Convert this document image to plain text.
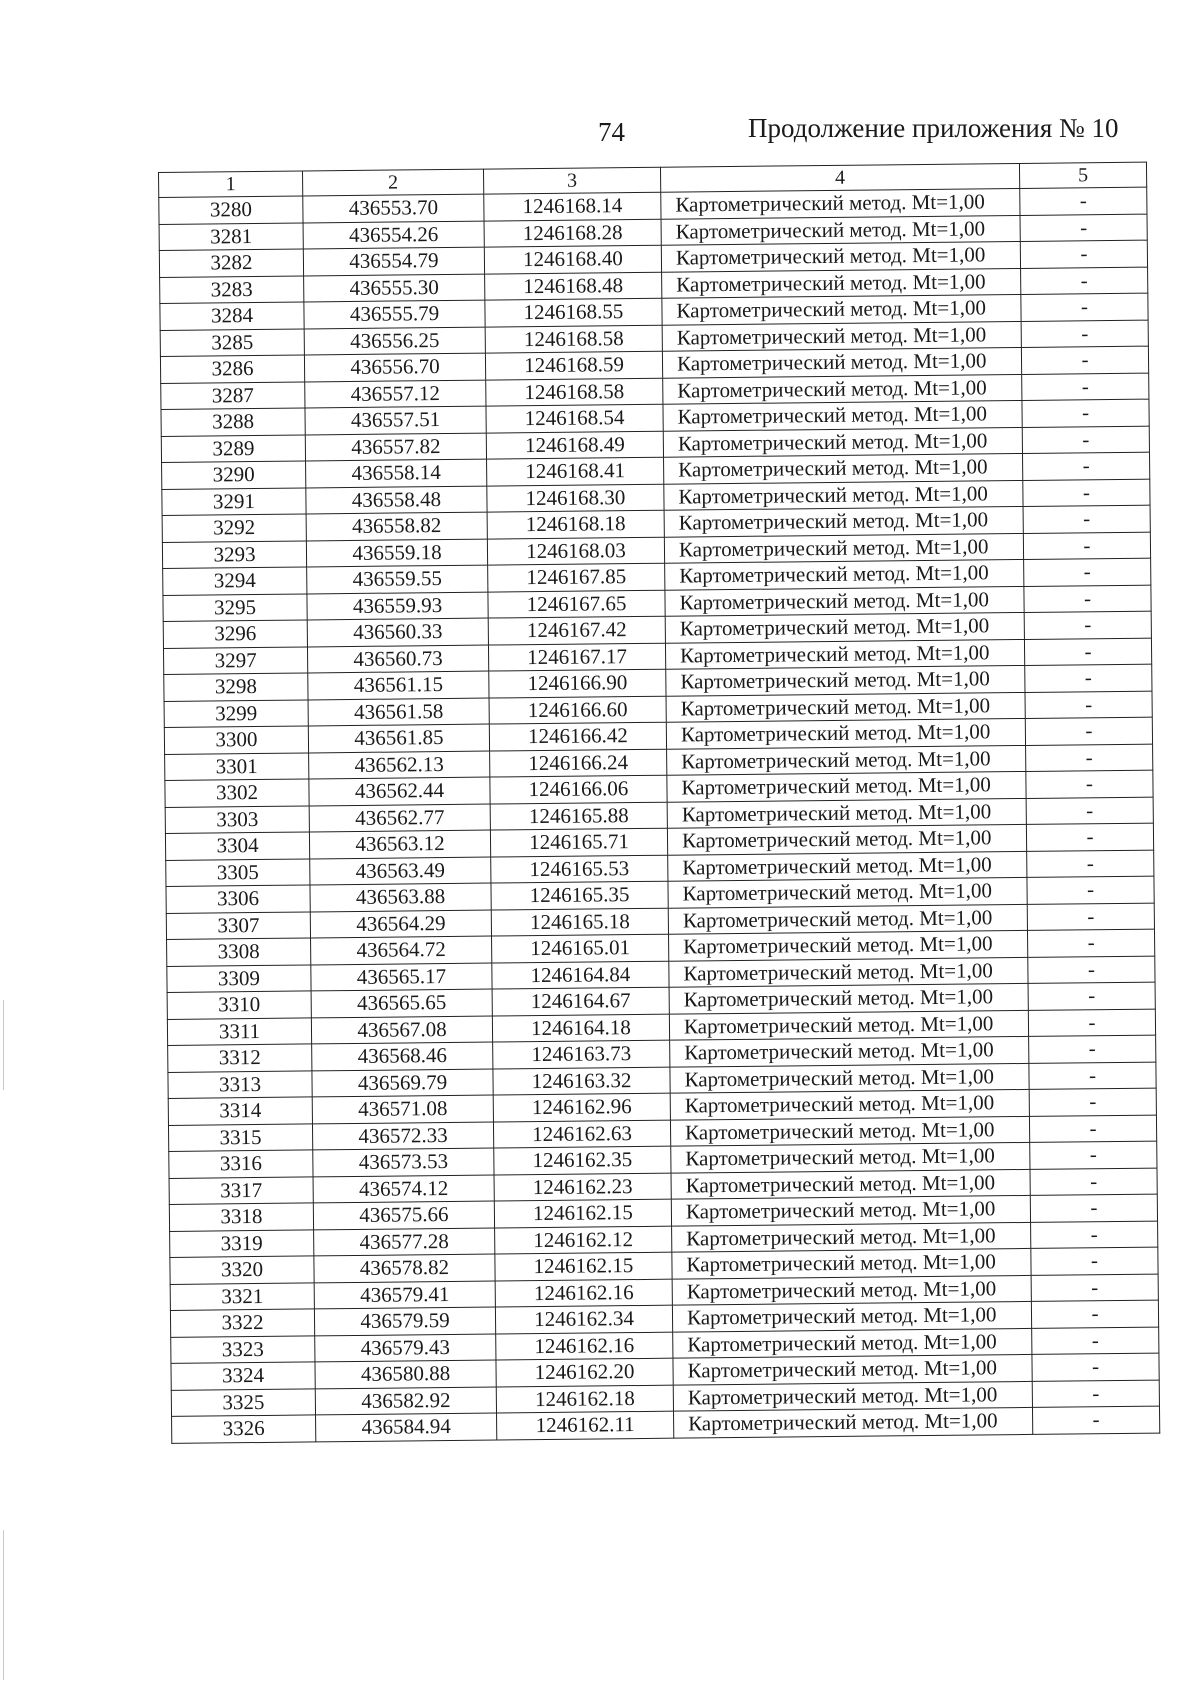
74	Продолжение приложения № 10
1	2	3	4	5
3280	436553.70	1246168.14	Картометрический метод. Mt=1,00	-
3281	436554.26	1246168.28	Картометрический метод. Mt=1,00	-
3282	436554.79	1246168.40	Картометрический метод. Mt=1,00	-
3283	436555.30	1246168.48	Картометрический метод. Mt=1,00	-
3284	436555.79	1246168.55	Картометрический метод. Mt=1,00	-
3285	436556.25	1246168.58	Картометрический метод. Mt=1,00	-
3286	436556.70	1246168.59	Картометрический метод. Mt=1,00	-
3287	436557.12	1246168.58	Картометрический метод. Mt=1,00	-
3288	436557.51	1246168.54	Картометрический метод. Mt=1,00	-
3289	436557.82	1246168.49	Картометрический метод. Mt=1,00	-
3290	436558.14	1246168.41	Картометрический метод. Mt=1,00	-
3291	436558.48	1246168.30	Картометрический метод. Mt=1,00	-
3292	436558.82	1246168.18	Картометрический метод. Mt=1,00	-
3293	436559.18	1246168.03	Картометрический метод. Mt=1,00	-
3294	436559.55	1246167.85	Картометрический метод. Mt=1,00	-
3295	436559.93	1246167.65	Картометрический метод. Mt=1,00	-
3296	436560.33	1246167.42	Картометрический метод. Mt=1,00	-
3297	436560.73	1246167.17	Картометрический метод. Mt=1,00	-
3298	436561.15	1246166.90	Картометрический метод. Mt=1,00	-
3299	436561.58	1246166.60	Картометрический метод. Mt=1,00	-
3300	436561.85	1246166.42	Картометрический метод. Mt=1,00	-
3301	436562.13	1246166.24	Картометрический метод. Mt=1,00	-
3302	436562.44	1246166.06	Картометрический метод. Mt=1,00	-
3303	436562.77	1246165.88	Картометрический метод. Mt=1,00	-
3304	436563.12	1246165.71	Картометрический метод. Mt=1,00	-
3305	436563.49	1246165.53	Картометрический метод. Mt=1,00	-
3306	436563.88	1246165.35	Картометрический метод. Mt=1,00	-
3307	436564.29	1246165.18	Картометрический метод. Mt=1,00	-
3308	436564.72	1246165.01	Картометрический метод. Mt=1,00	-
3309	436565.17	1246164.84	Картометрический метод. Mt=1,00	-
3310	436565.65	1246164.67	Картометрический метод. Mt=1,00	-
3311	436567.08	1246164.18	Картометрический метод. Mt=1,00	-
3312	436568.46	1246163.73	Картометрический метод. Mt=1,00	-
3313	436569.79	1246163.32	Картометрический метод. Mt=1,00	-
3314	436571.08	1246162.96	Картометрический метод. Mt=1,00	-
3315	436572.33	1246162.63	Картометрический метод. Mt=1,00	-
3316	436573.53	1246162.35	Картометрический метод. Mt=1,00	-
3317	436574.12	1246162.23	Картометрический метод. Mt=1,00	-
3318	436575.66	1246162.15	Картометрический метод. Mt=1,00	-
3319	436577.28	1246162.12	Картометрический метод. Mt=1,00	-
3320	436578.82	1246162.15	Картометрический метод. Mt=1,00	-
3321	436579.41	1246162.16	Картометрический метод. Mt=1,00	-
3322	436579.59	1246162.34	Картометрический метод. Mt=1,00	-
3323	436579.43	1246162.16	Картометрический метод. Mt=1,00	-
3324	436580.88	1246162.20	Картометрический метод. Mt=1,00	-
3325	436582.92	1246162.18	Картометрический метод. Mt=1,00	-
3326	436584.94	1246162.11	Картометрический метод. Mt=1,00	-
